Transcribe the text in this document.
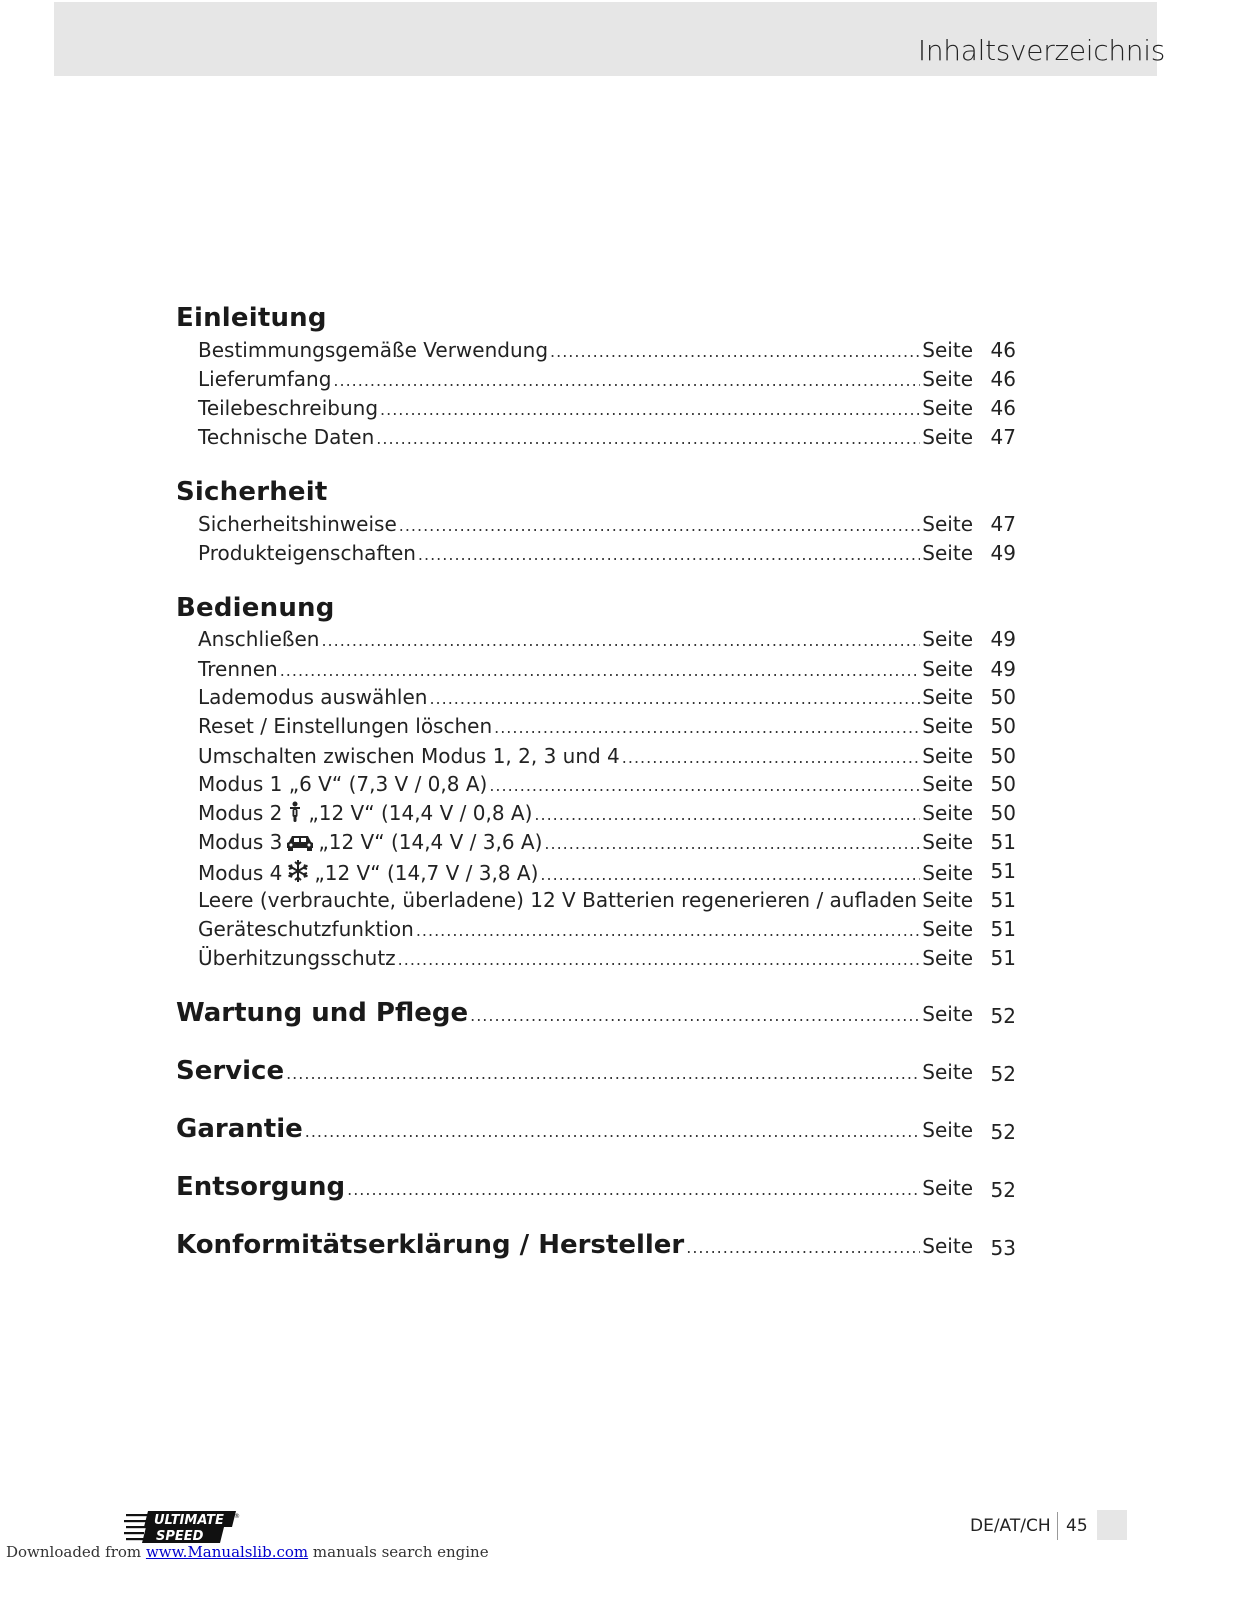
Inhaltsverzeichnis
Einleitung
Bestimmungsgemäße Verwendung .....	Seite 46
Lieferumfang .....	Seite 46
Teilebeschreibung .....	Seite 46
Technische Daten .....	Seite 47
Sicherheit
Sicherheitshinweise .....	Seite 47
Produkteigenschaften .....	Seite 49
Bedienung
Anschließen .....	Seite 49
Trennen .....	Seite 49
Lademodus auswählen .....	Seite 50
Reset / Einstellungen löschen .....	Seite 50
Umschalten zwischen Modus 1, 2, 3 und 4 .....	Seite 50
Modus 1 „6 V“ (7,3 V / 0,8 A) .....	Seite 50
Modus 2 „12 V“ (14,4 V / 0,8 A) .....	Seite 50
Modus 3 „12 V“ (14,4 V / 3,6 A) .....	Seite 51
Modus 4 „12 V“ (14,7 V / 3,8 A) .....	Seite 51
Leere (verbrauchte, überladene) 12 V Batterien regenerieren / aufladen ..... Seite 51
Geräteschutzfunktion .....	Seite 51
Überhitzungsschutz .....	Seite 51
Wartung und Pflege .....	Seite 52
Service .....	Seite 52
Garantie .....	Seite 52
Entsorgung .....	Seite 52
Konformitätserklärung / Hersteller .....	Seite 53
ULTIMATE
SPEED
®	DE/AT/CH 45
Downloaded from www.Manualslib.com manuals search engine
